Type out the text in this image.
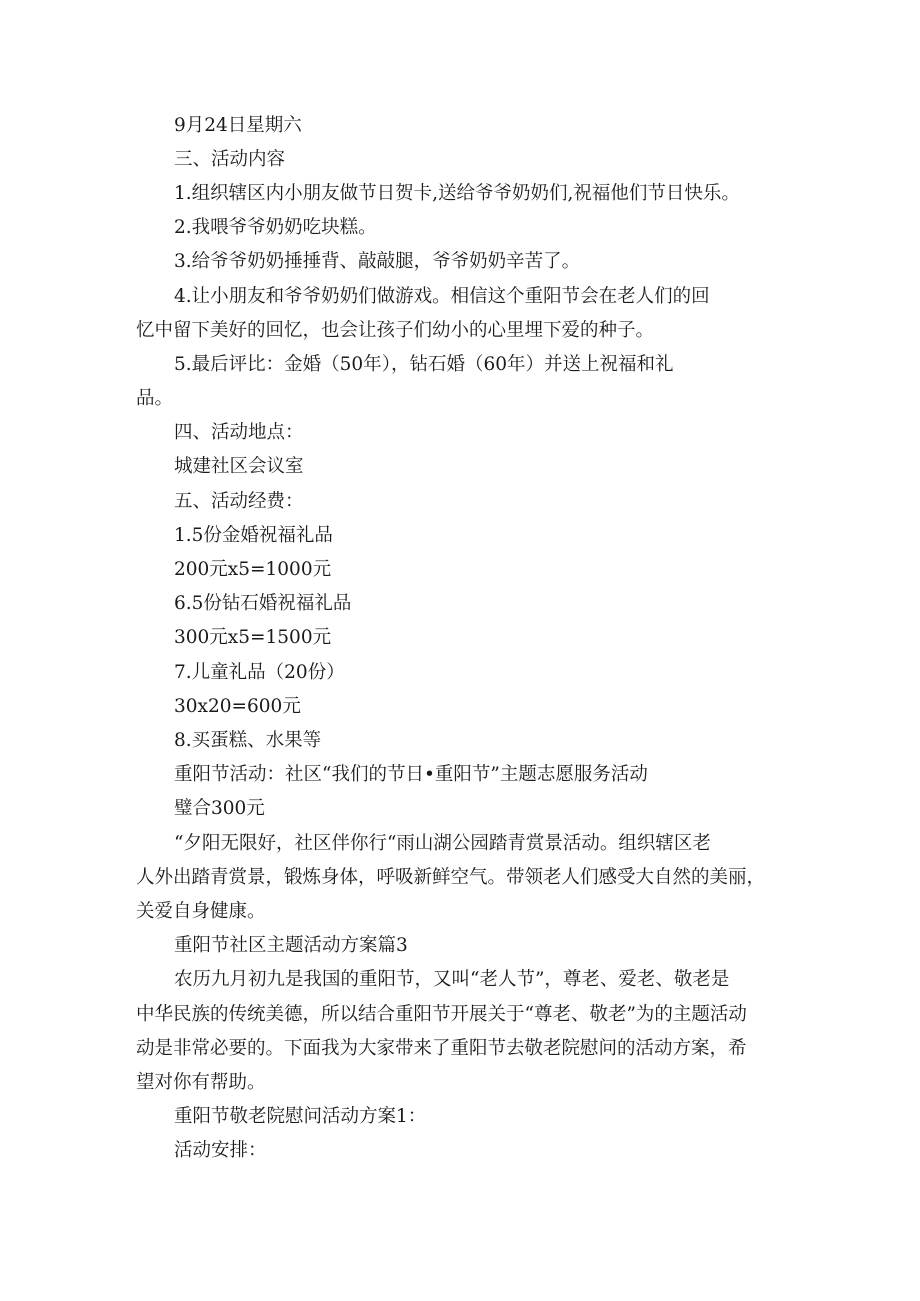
9月24日星期六
三、活动内容
1.组织辖区内小朋友做节日贺卡,送给爷爷奶奶们,祝福他们节日快乐。
2.我喂爷爷奶奶吃块糕。
3.给爷爷奶奶捶捶背、敲敲腿，爷爷奶奶辛苦了。
4.让小朋友和爷爷奶奶们做游戏。相信这个重阳节会在老人们的回
忆中留下美好的回忆，也会让孩子们幼小的心里埋下爱的种子。
5.最后评比：金婚（50年），钻石婚（60年）并送上祝福和礼
品。
四、活动地点：
城建社区会议室
五、活动经费：
1.5份金婚祝福礼品
200元x5=1000元
6.5份钻石婚祝福礼品
300元x5=1500元
7.儿童礼品（20份）
30x20=600元
8.买蛋糕、水果等
重阳节活动：社区“我们的节日•重阳节”主题志愿服务活动
璧合300元
“夕阳无限好，社区伴你行“雨山湖公园踏青赏景活动。组织辖区老
人外出踏青赏景，锻炼身体，呼吸新鲜空气。带领老人们感受大自然的美丽，
关爱自身健康。
重阳节社区主题活动方案篇3
农历九月初九是我国的重阳节，又叫“老人节”，尊老、爱老、敬老是
中华民族的传统美德，所以结合重阳节开展关于“尊老、敬老”为的主题活动
动是非常必要的。下面我为大家带来了重阳节去敬老院慰问的活动方案，希
望对你有帮助。
重阳节敬老院慰问活动方案1：
活动安排：
